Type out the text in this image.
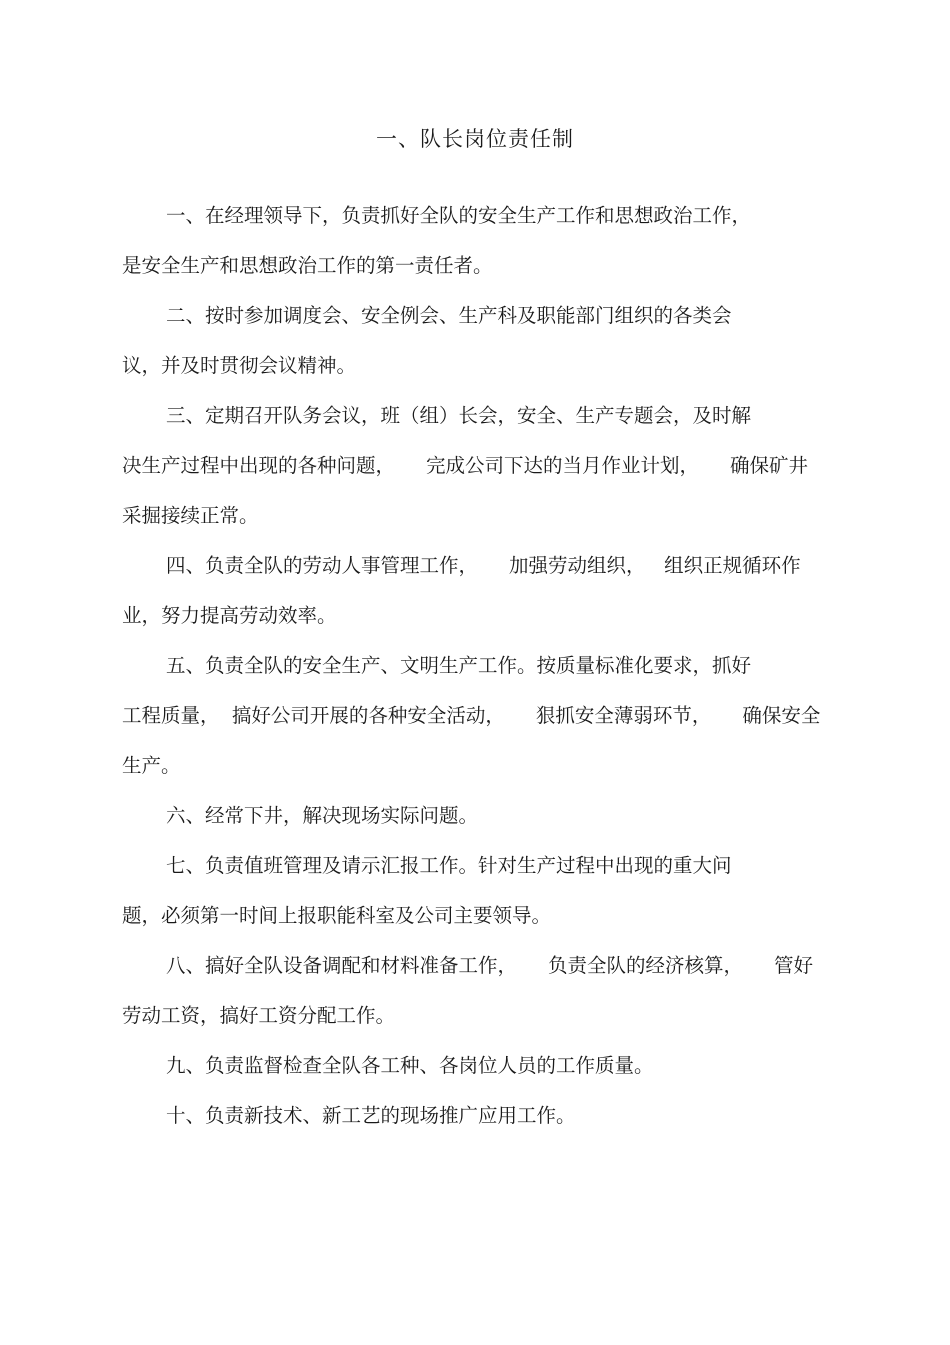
一、队长岗位责任制
一、在经理领导下，负责抓好全队的安全生产工作和思想政治工作，
是安全生产和思想政治工作的第一责任者。
二、按时参加调度会、安全例会、生产科及职能部门组织的各类会
议，并及时贯彻会议精神。
三、定期召开队务会议，班（组）长会，安全、生产专题会，及时解
决生产过程中出现的各种问题，     完成公司下达的当月作业计划，     确保矿井
采掘接续正常。
四、负责全队的劳动人事管理工作，     加强劳动组织，   组织正规循环作
业，努力提高劳动效率。
五、负责全队的安全生产、文明生产工作。按质量标准化要求，抓好
工程质量，  搞好公司开展的各种安全活动，     狠抓安全薄弱环节，     确保安全
生产。
六、经常下井，解决现场实际问题。
七、负责值班管理及请示汇报工作。针对生产过程中出现的重大问
题，必须第一时间上报职能科室及公司主要领导。
八、搞好全队设备调配和材料准备工作，     负责全队的经济核算，     管好
劳动工资，搞好工资分配工作。
九、负责监督检查全队各工种、各岗位人员的工作质量。
十、负责新技术、新工艺的现场推广应用工作。
